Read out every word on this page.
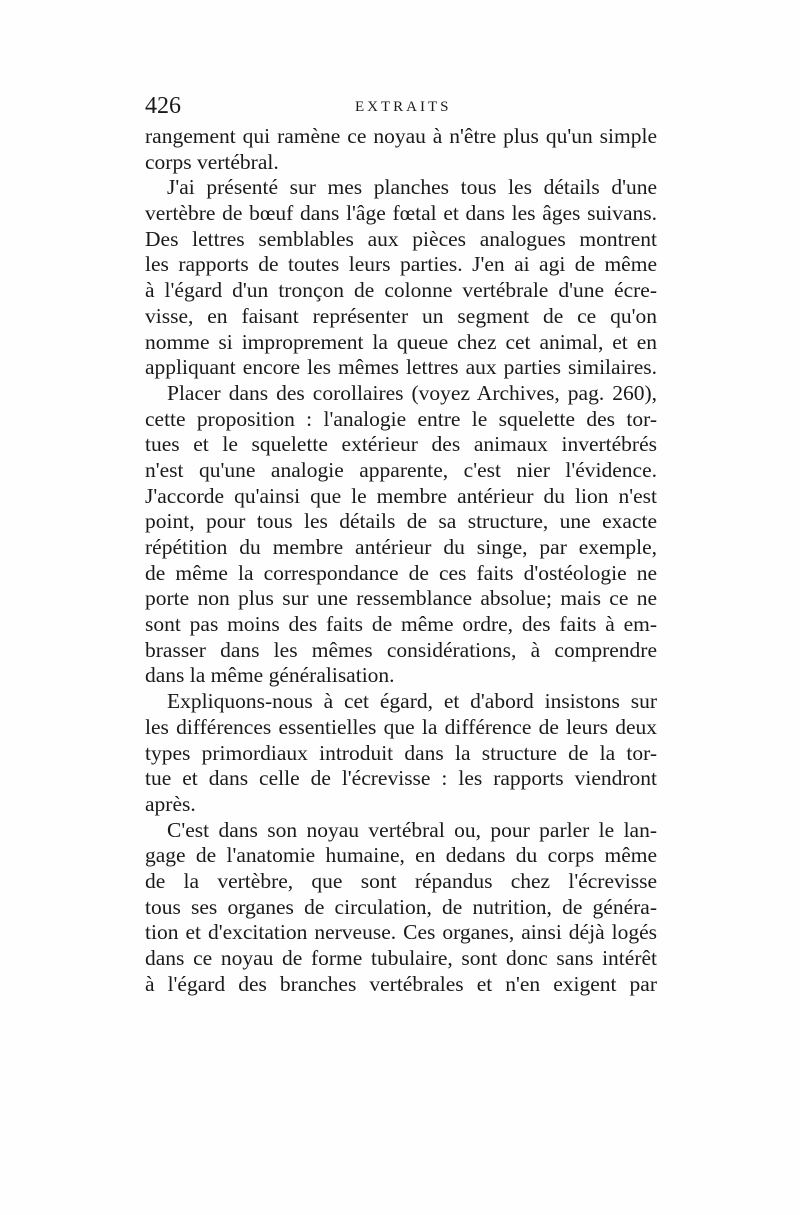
426	EXTRAITS
rangement qui ramène ce noyau à n'être plus qu'un simple
corps vertébral.
J'ai présenté sur mes planches tous les détails d'une
vertèbre de bœuf dans l'âge fœtal et dans les âges suivans.
Des lettres semblables aux pièces analogues montrent
les rapports de toutes leurs parties. J'en ai agi de même
à l'égard d'un tronçon de colonne vertébrale d'une écre-
visse, en faisant représenter un segment de ce qu'on
nomme si improprement la queue chez cet animal, et en
appliquant encore les mêmes lettres aux parties similaires.
Placer dans des corollaires (voyez Archives, pag. 260),
cette proposition : l'analogie entre le squelette des tor-
tues et le squelette extérieur des animaux invertébrés
n'est qu'une analogie apparente, c'est nier l'évidence.
J'accorde qu'ainsi que le membre antérieur du lion n'est
point, pour tous les détails de sa structure, une exacte
répétition du membre antérieur du singe, par exemple,
de même la correspondance de ces faits d'ostéologie ne
porte non plus sur une ressemblance absolue; mais ce ne
sont pas moins des faits de même ordre, des faits à em-
brasser dans les mêmes considérations, à comprendre
dans la même généralisation.
Expliquons-nous à cet égard, et d'abord insistons sur
les différences essentielles que la différence de leurs deux
types primordiaux introduit dans la structure de la tor-
tue et dans celle de l'écrevisse : les rapports viendront
après.
C'est dans son noyau vertébral ou, pour parler le lan-
gage de l'anatomie humaine, en dedans du corps même
de la vertèbre, que sont répandus chez l'écrevisse
tous ses organes de circulation, de nutrition, de généra-
tion et d'excitation nerveuse. Ces organes, ainsi déjà logés
dans ce noyau de forme tubulaire, sont donc sans intérêt
à l'égard des branches vertébrales et n'en exigent par
